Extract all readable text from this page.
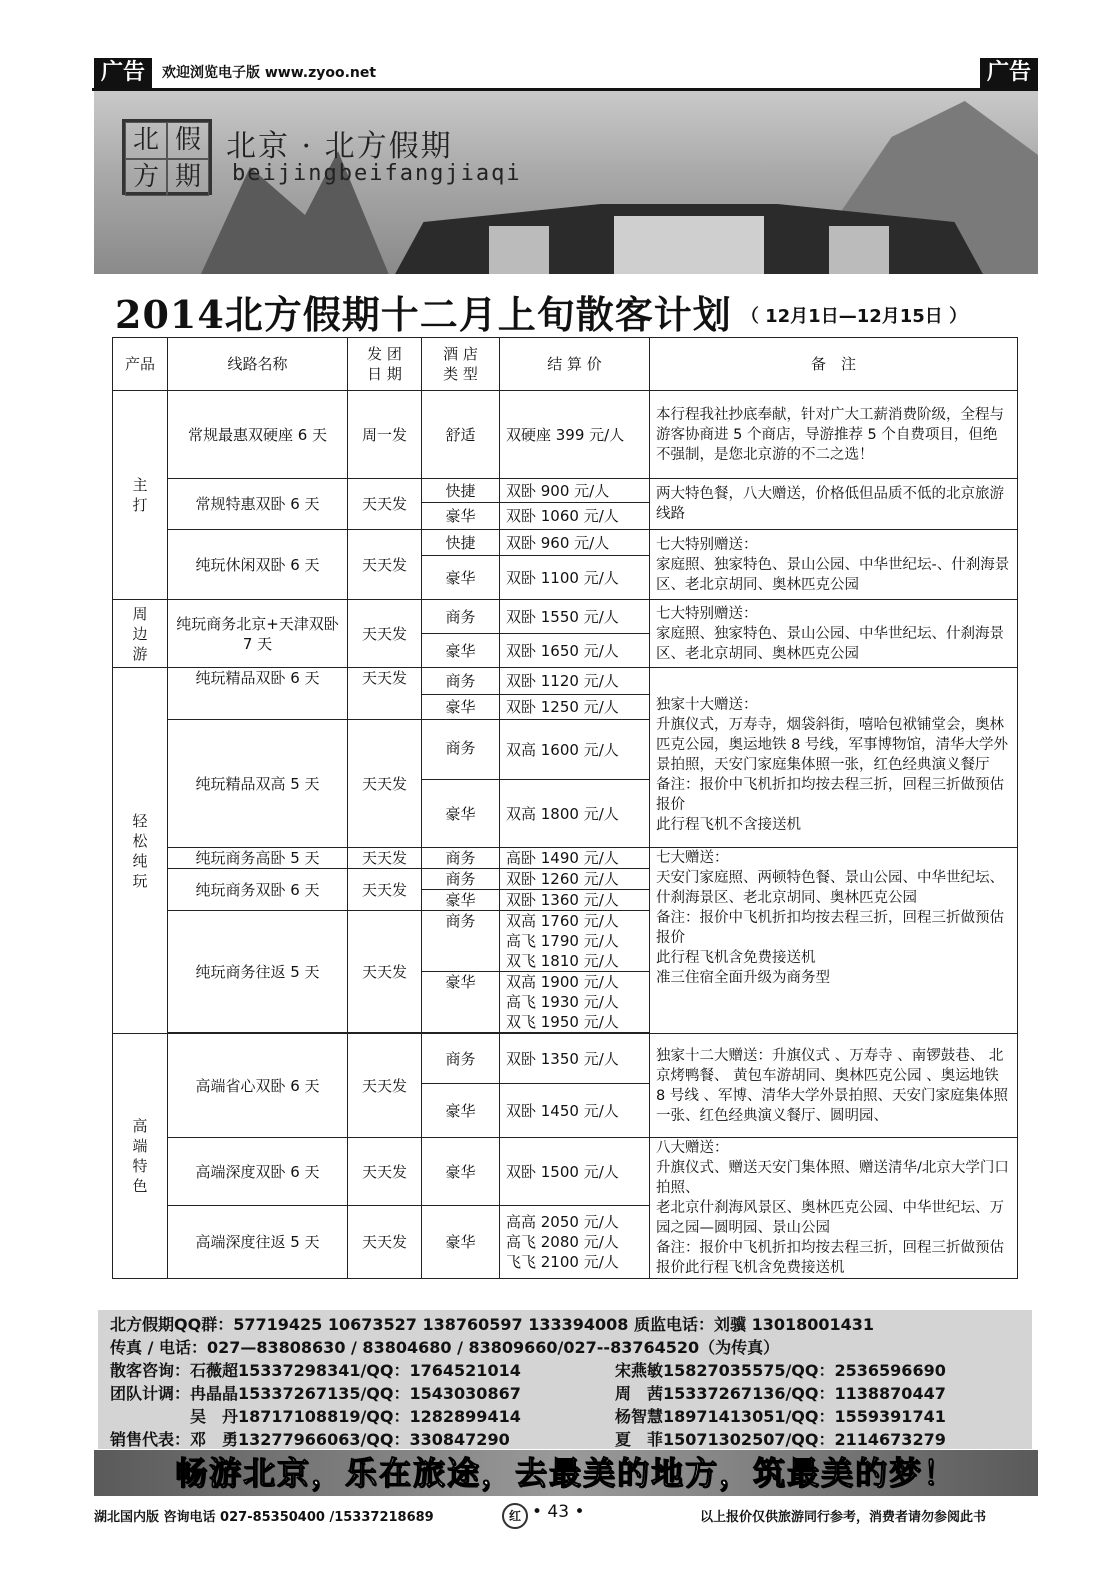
广告	欢迎浏览电子版 www.zyoo.net	广告
北 假
方 期
北京 · 北方假期
beijingbeifangjiaqi
2014北方假期十二月上旬散客计划 （ 12月1日—12月15日 ）
产品	线路名称	发 团
日 期	酒 店
类 型	结 算 价	备　注
主
打	常规最惠双硬座 6 天	周一发	舒适	双硬座 399 元/人	本行程我社抄底奉献，针对广大工薪消费阶级，全程与游客协商进 5 个商店，导游推荐 5 个自费项目，但绝不强制，是您北京游的不二之选！
	常规特惠双卧 6 天	天天发	快捷	双卧 900 元/人	两大特色餐，八大赠送，价格低但品质不低的北京旅游线路
			豪华	双卧 1060 元/人	
	纯玩休闲双卧 6 天	天天发	快捷	双卧 960 元/人	七大特别赠送：
家庭照、独家特色、景山公园、中华世纪坛-、什刹海景区、老北京胡同、奥林匹克公园
			豪华	双卧 1100 元/人	
周
边
游	纯玩商务北京+天津双卧 7 天	天天发	商务	双卧 1550 元/人	七大特别赠送：
家庭照、独家特色、景山公园、中华世纪坛、什刹海景区、老北京胡同、奥林匹克公园
			豪华	双卧 1650 元/人	
轻
松
纯
玩	纯玩精品双卧 6 天	天天发	商务	双卧 1120 元/人	独家十大赠送：
升旗仪式，万寿寺，烟袋斜街，嘻哈包袱铺堂会，奥林匹克公园，奥运地铁 8 号线，军事博物馆，清华大学外景拍照，天安门家庭集体照一张，红色经典演义餐厅
备注：报价中飞机折扣均按去程三折，回程三折做预估报价
此行程飞机不含接送机
			豪华	双卧 1250 元/人	
	纯玩精品双高 5 天	天天发	商务	双高 1600 元/人	
			豪华	双高 1800 元/人	
	纯玩商务高卧 5 天	天天发	商务	高卧 1490 元/人	七大赠送：
天安门家庭照、两顿特色餐、景山公园、中华世纪坛、什刹海景区、老北京胡同、奥林匹克公园
备注：报价中飞机折扣均按去程三折，回程三折做预估报价
此行程飞机含免费接送机
准三住宿全面升级为商务型
	纯玩商务双卧 6 天	天天发	商务	双卧 1260 元/人	
			豪华	双卧 1360 元/人	
	纯玩商务往返 5 天	天天发	商务	双高 1760 元/人
高飞 1790 元/人
双飞 1810 元/人	
			豪华	双高 1900 元/人
高飞 1930 元/人
双飞 1950 元/人	

高
端
特
色	高端省心双卧 6 天	天天发	商务	双卧 1350 元/人	独家十二大赠送：升旗仪式 、万寿寺 、南锣鼓巷、 北京烤鸭餐、 黄包车游胡同、奥林匹克公园 、奥运地铁 8 号线 、军博、清华大学外景拍照、天安门家庭集体照一张、红色经典演义餐厅、圆明园、
			豪华	双卧 1450 元/人	
	高端深度双卧 6 天	天天发	豪华	双卧 1500 元/人	八大赠送：
升旗仪式、赠送天安门集体照、赠送清华/北京大学门口拍照、
老北京什刹海风景区、奥林匹克公园、中华世纪坛、万园之园—圆明园、景山公园
备注：报价中飞机折扣均按去程三折，回程三折做预估报价此行程飞机含免费接送机
	高端深度往返 5 天	天天发	豪华	高高 2050 元/人
高飞 2080 元/人
飞飞 2100 元/人	
北方假期QQ群：57719425 10673527 138760597 133394008 质监电话：刘骥 13018001431
传真 / 电话：027—83808630 / 83804680 / 83809660/027--83764520（为传真）
散客咨询：石薇超15337298341/QQ：1764521014	宋燕敏15827035575/QQ：2536596690
团队计调：冉晶晶15337267135/QQ：1543030867	周　茜15337267136/QQ：1138870447
　　　　　吴　丹18717108819/QQ：1282899414	杨智慧18971413051/QQ：1559391741
销售代表：邓　勇13277966063/QQ：330847290	夏　菲15071302507/QQ：2114673279
畅游北京，乐在旅途，去最美的地方，筑最美的梦！
湖北国内版 咨询电话 027-85350400 /15337218689	红 • 43 •	以上报价仅供旅游同行参考，消费者请勿参阅此书
